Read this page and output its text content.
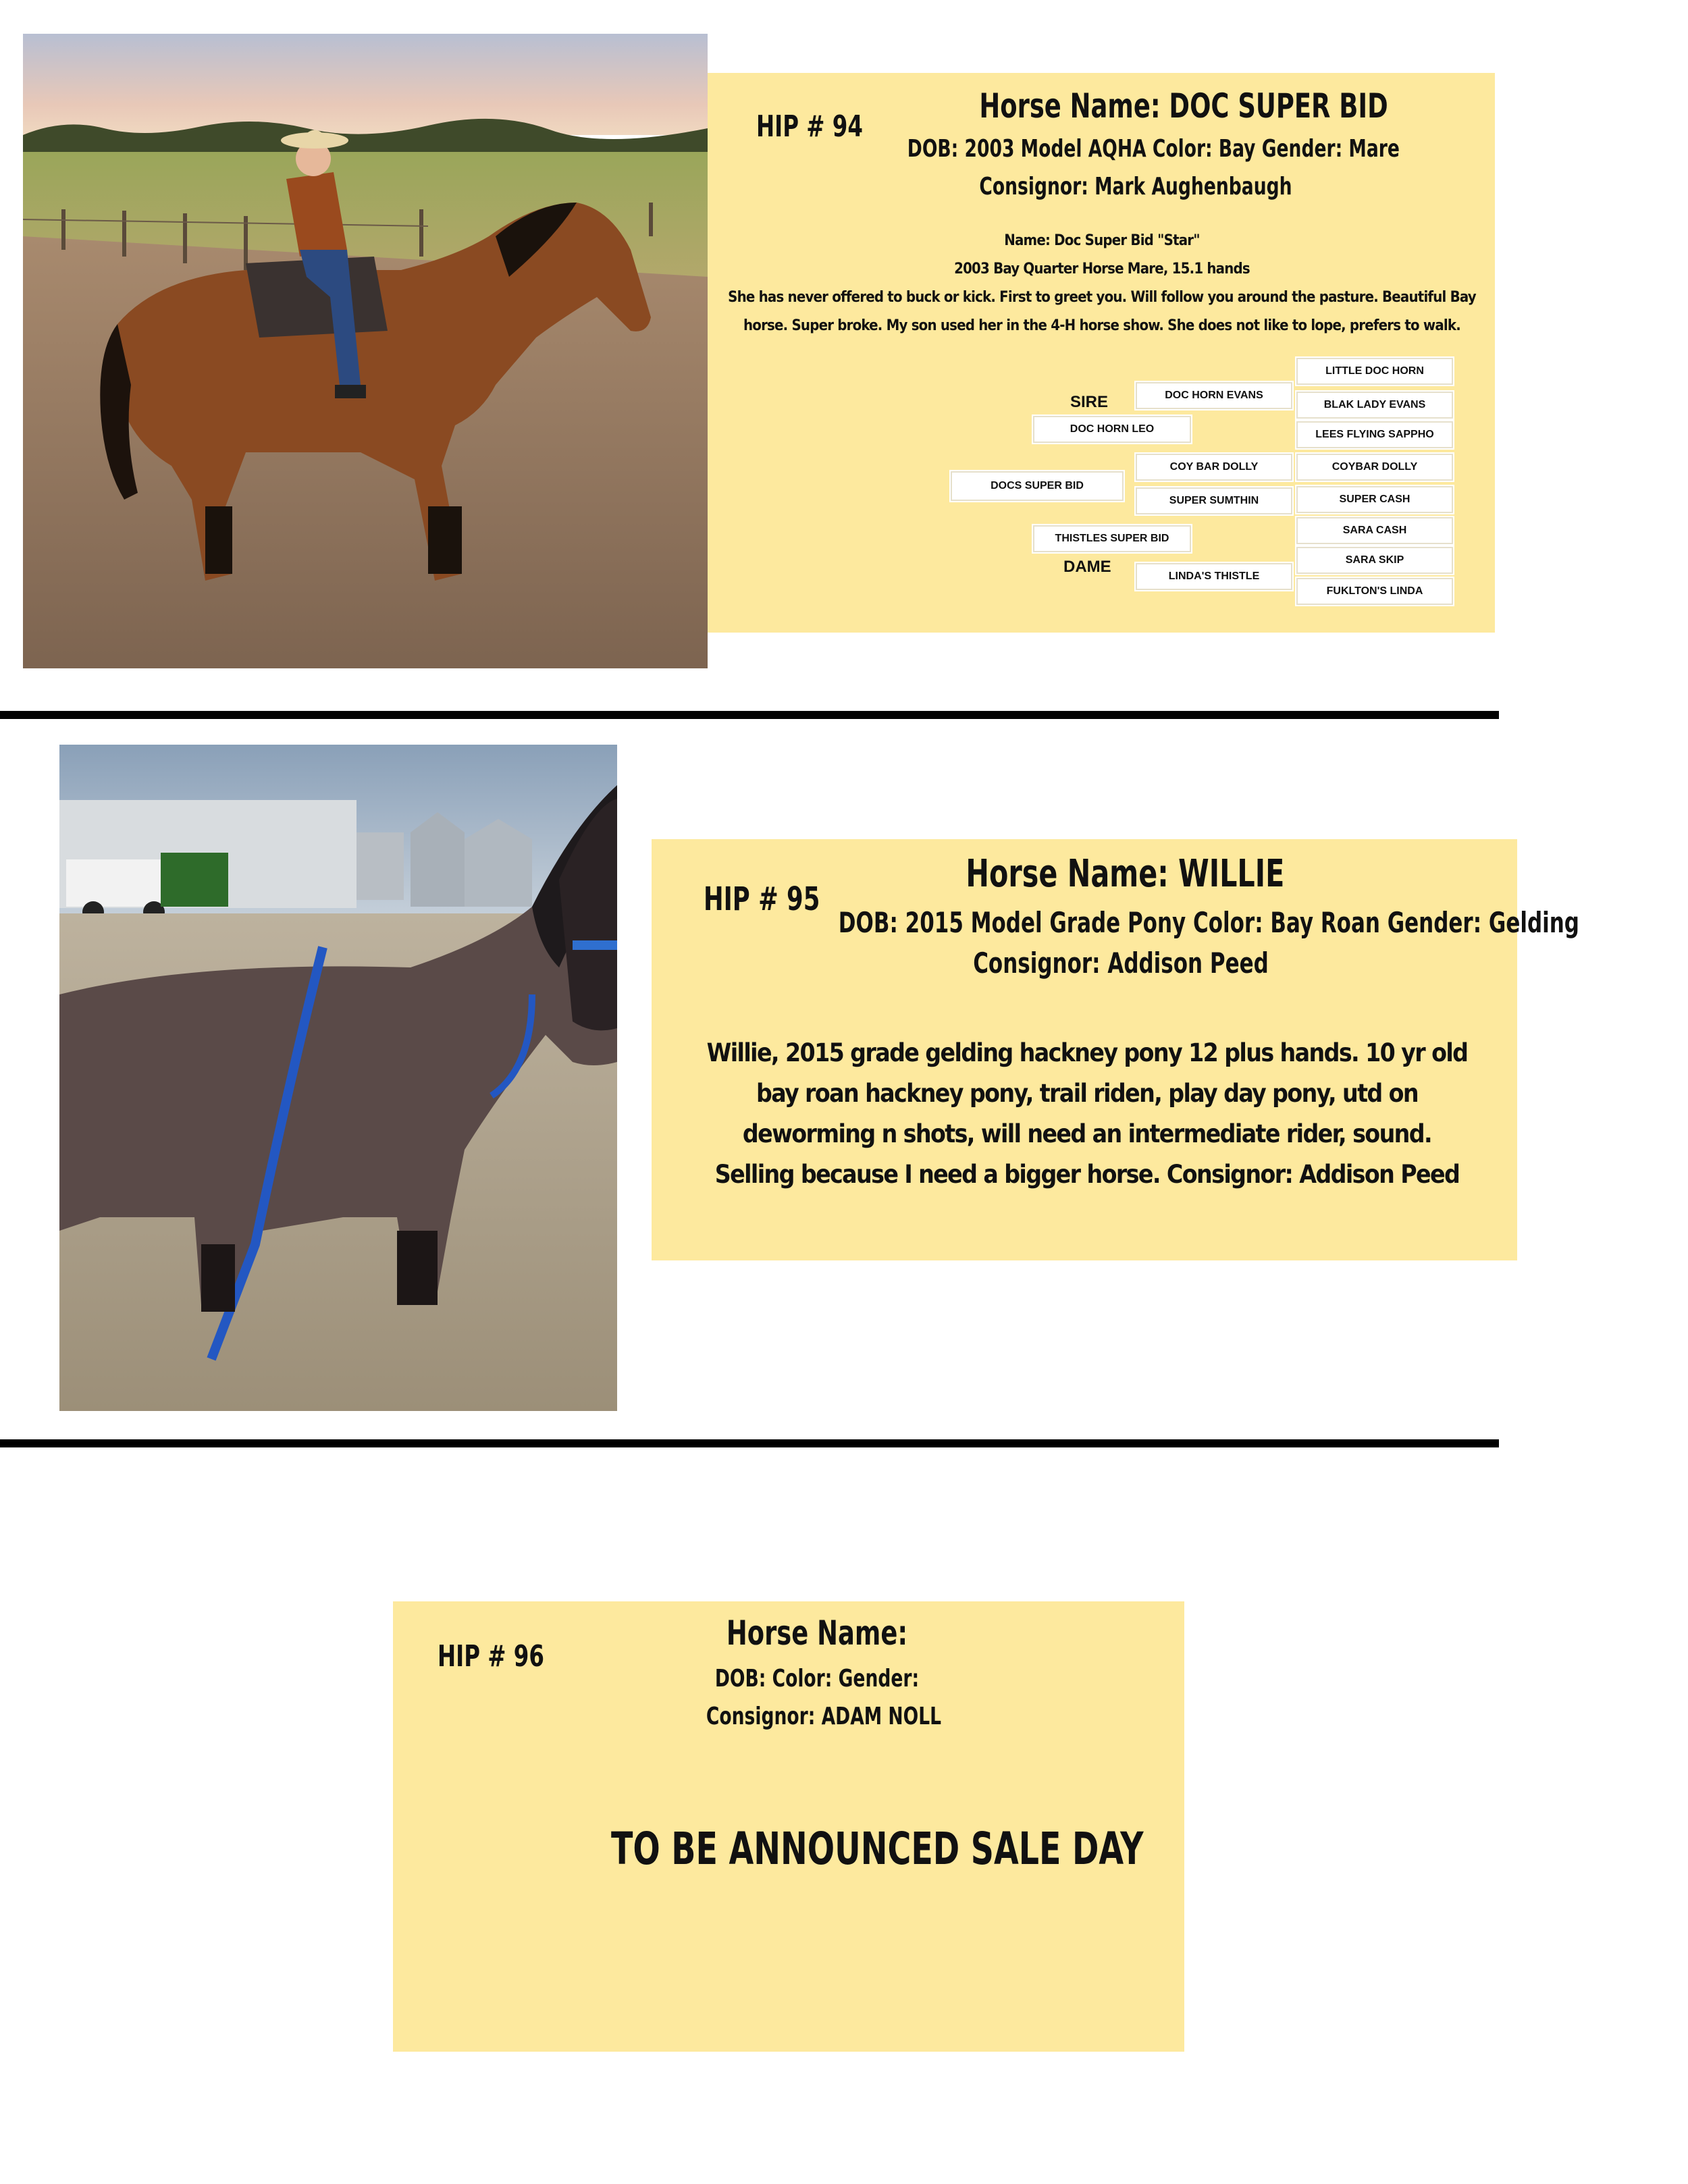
HIP # 94
Horse Name: DOC SUPER BID
DOB: 2003 Model AQHA Color: Bay Gender: Mare
Consignor: Mark Aughenbaugh
Name: Doc Super Bid "Star"
2003 Bay Quarter Horse Mare, 15.1 hands
She has never offered to buck or kick. First to greet you. Will follow you around the pasture. Beautiful Bay horse. Super broke. My son used her in the 4-H horse show. She does not like to lope, prefers to walk.
SIRE
DAME
DOCS SUPER BID
DOC HORN LEO
THISTLES SUPER BID
DOC HORN EVANS
COY BAR DOLLY
SUPER SUMTHIN
LINDA'S THISTLE
LITTLE DOC HORN
BLAK LADY EVANS
LEES FLYING SAPPHO
COYBAR DOLLY
SUPER CASH
SARA CASH
SARA SKIP
FUKLTON'S LINDA
HIP # 95
Horse Name: WILLIE
DOB: 2015 Model Grade Pony Color: Bay Roan Gender: Gelding
Consignor: Addison Peed
Willie, 2015 grade gelding hackney pony 12 plus hands. 10 yr old bay roan hackney pony, trail riden, play day pony, utd on deworming n shots, will need an intermediate rider, sound. Selling because I need a bigger horse. Consignor: Addison Peed
HIP # 96
Horse Name:
DOB: Color: Gender:
Consignor: ADAM NOLL
TO BE ANNOUNCED SALE DAY
